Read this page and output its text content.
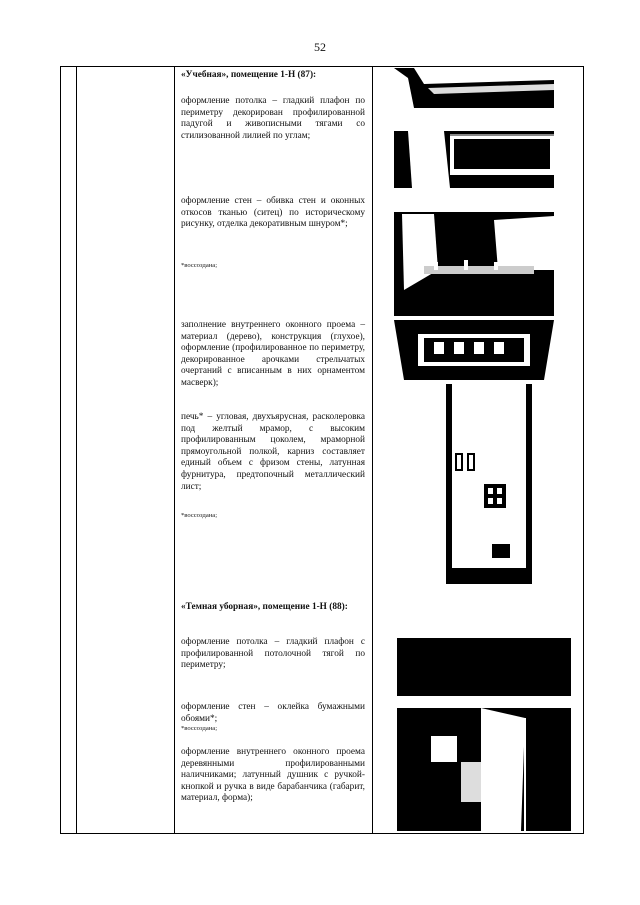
52
«Учебная», помещение 1-Н (87):
оформление потолка – гладкий плафон по периметру декорирован профилированной падугой и живописными тягами со стилизованной лилией по углам;
оформление стен – обивка стен и оконных откосов тканью (ситец) по историческому рисунку, отделка декоративным шнуром*;
*воссоздана;
заполнение внутреннего оконного проема – материал (дерево), конструкция (глухое), оформление (профилированное по периметру, декорированное арочками стрельчатых очертаний с вписанным в них орнаментом масверк);
печь* – угловая, двухъярусная, расколеровка под желтый мрамор, с высоким профилированным цоколем, мраморной прямоугольной полкой, карниз составляет единый объем с фризом стены, латунная фурнитура, предтопочный металлический лист;
*воссоздана;
«Темная уборная», помещение 1-Н (88):
оформление потолка – гладкий плафон с профилированной потолочной тягой по периметру;
оформление стен – оклейка бумажными обоями*;
*воссоздана;
оформление внутреннего оконного проема деревянными профилированными наличниками; латунный душник с ручкой-кнопкой и ручка в виде барабанчика (габарит, материал, форма);
